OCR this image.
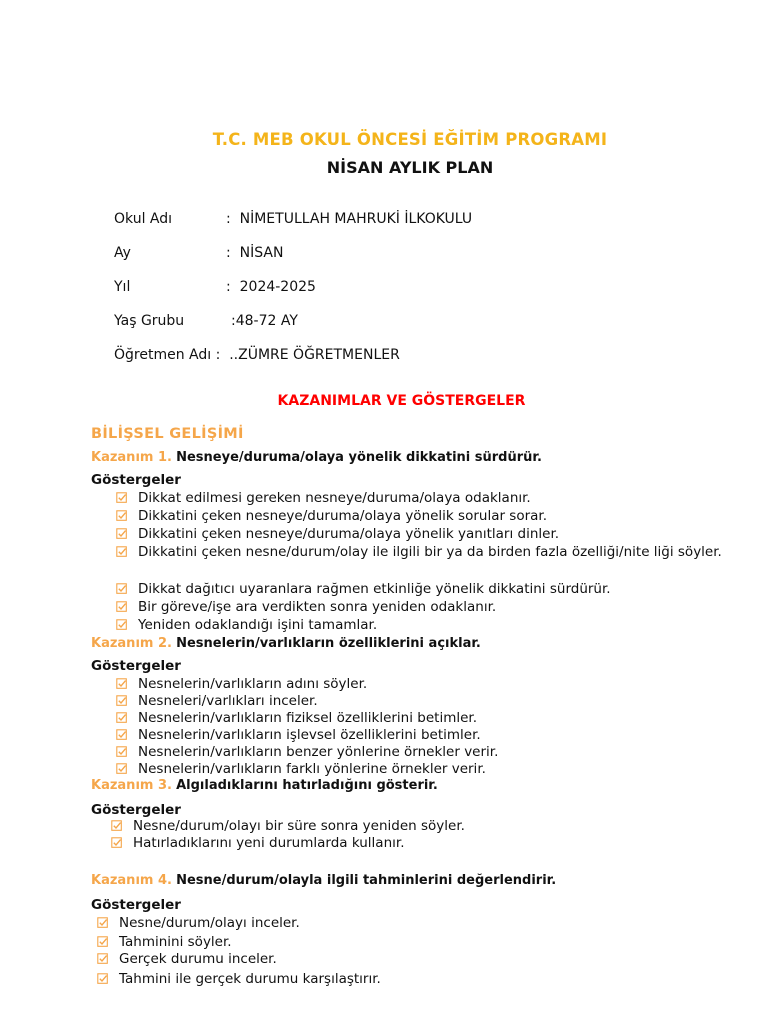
T.C. MEB OKUL ÖNCESİ EĞİTİM PROGRAMI
NİSAN AYLIK PLAN
Okul Adı	: NİMETULLAH MAHRUKİ İLKOKULU
Ay	: NİSAN
Yıl	: 2024-2025
Yaş Grubu	:48-72 AY
Öğretmen Adı : ..ZÜMRE ÖĞRETMENLER
KAZANIMLAR VE GÖSTERGELER
BİLİŞSEL GELİŞİMİ
Kazanım 1. Nesneye/duruma/olaya yönelik dikkatini sürdürür.
Göstergeler
Dikkat edilmesi gereken nesneye/duruma/olaya odaklanır.
Dikkatini çeken nesneye/duruma/olaya yönelik sorular sorar.
Dikkatini çeken nesneye/duruma/olaya yönelik yanıtları dinler.
Dikkatini çeken nesne/durum/olay ile ilgili bir ya da birden fazla özelliği/nite liği söyler.
Dikkat dağıtıcı uyaranlara rağmen etkinliğe yönelik dikkatini sürdürür.
Bir göreve/işe ara verdikten sonra yeniden odaklanır.
Yeniden odaklandığı işini tamamlar.
Kazanım 2. Nesnelerin/varlıkların özelliklerini açıklar.
Göstergeler
Nesnelerin/varlıkların adını söyler.
Nesneleri/varlıkları inceler.
Nesnelerin/varlıkların fiziksel özelliklerini betimler.
Nesnelerin/varlıkların işlevsel özelliklerini betimler.
Nesnelerin/varlıkların benzer yönlerine örnekler verir.
Nesnelerin/varlıkların farklı yönlerine örnekler verir.
Kazanım 3. Algıladıklarını hatırladığını gösterir.
Göstergeler
Nesne/durum/olayı bir süre sonra yeniden söyler.
Hatırladıklarını yeni durumlarda kullanır.
Kazanım 4. Nesne/durum/olayla ilgili tahminlerini değerlendirir.
Göstergeler
Nesne/durum/olayı inceler.
Tahminini söyler.
Gerçek durumu inceler.
Tahmini ile gerçek durumu karşılaştırır.
